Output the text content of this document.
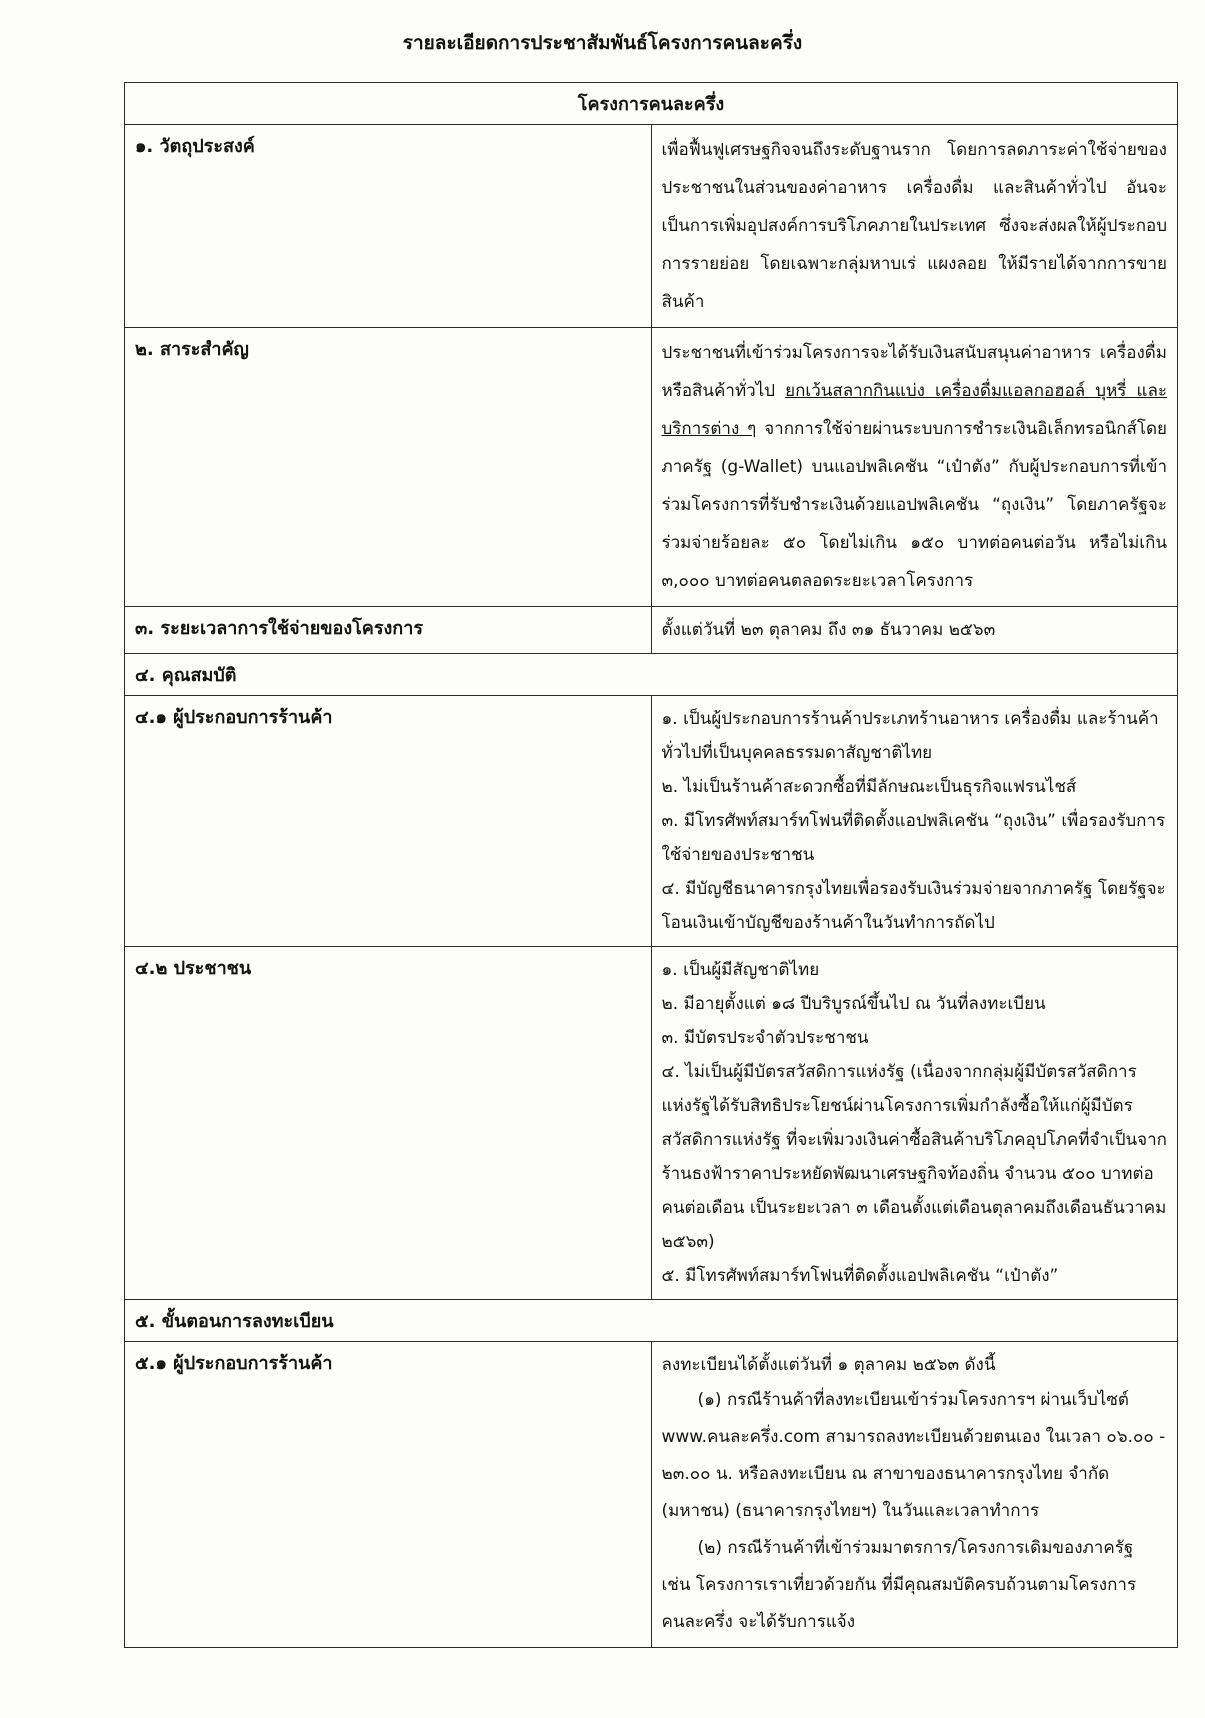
รายละเอียดการประชาสัมพันธ์โครงการคนละครึ่ง
โครงการคนละครึ่ง	
๑. วัตถุประสงค์	เพื่อฟื้นฟูเศรษฐกิจจนถึงระดับฐานราก โดยการลดภาระค่าใช้จ่ายของประชาชนในส่วนของค่าอาหาร เครื่องดื่ม และสินค้าทั่วไป อันจะเป็นการเพิ่มอุปสงค์การบริโภคภายในประเทศ ซึ่งจะส่งผลให้ผู้ประกอบการรายย่อย โดยเฉพาะกลุ่มหาบเร่ แผงลอย ให้มีรายได้จากการขายสินค้า

๒. สาระสำคัญ	ประชาชนที่เข้าร่วมโครงการจะได้รับเงินสนับสนุนค่าอาหาร เครื่องดื่ม หรือสินค้าทั่วไป ยกเว้นสลากกินแบ่ง เครื่องดื่มแอลกอฮอล์ บุหรี่ และบริการต่าง ๆ จากการใช้จ่ายผ่านระบบการชำระเงินอิเล็กทรอนิกส์โดยภาครัฐ (g-Wallet) บนแอปพลิเคชัน “เป๋าตัง” กับผู้ประกอบการที่เข้าร่วมโครงการที่รับชำระเงินด้วยแอปพลิเคชัน “ถุงเงิน” โดยภาครัฐจะร่วมจ่ายร้อยละ ๕๐ โดยไม่เกิน ๑๕๐ บาทต่อคนต่อวัน หรือไม่เกิน ๓,๐๐๐ บาทต่อคนตลอดระยะเวลาโครงการ

๓. ระยะเวลาการใช้จ่ายของโครงการ	ตั้งแต่วันที่ ๒๓ ตุลาคม ถึง ๓๑ ธันวาคม ๒๕๖๓

๔. คุณสมบัติ	
๔.๑ ผู้ประกอบการร้านค้า	๑. เป็นผู้ประกอบการร้านค้าประเภทร้านอาหาร เครื่องดื่ม และร้านค้าทั่วไปที่เป็นบุคคลธรรมดาสัญชาติไทย
๒. ไม่เป็นร้านค้าสะดวกซื้อที่มีลักษณะเป็นธุรกิจแฟรนไชส์
๓. มีโทรศัพท์สมาร์ทโฟนที่ติดตั้งแอปพลิเคชัน “ถุงเงิน” เพื่อรองรับการใช้จ่ายของประชาชน
๔. มีบัญชีธนาคารกรุงไทยเพื่อรองรับเงินร่วมจ่ายจากภาครัฐ โดยรัฐจะโอนเงินเข้าบัญชีของร้านค้าในวันทำการถัดไป

๔.๒ ประชาชน	๑. เป็นผู้มีสัญชาติไทย
๒. มีอายุตั้งแต่ ๑๘ ปีบริบูรณ์ขึ้นไป ณ วันที่ลงทะเบียน
๓. มีบัตรประจำตัวประชาชน
๔. ไม่เป็นผู้มีบัตรสวัสดิการแห่งรัฐ (เนื่องจากกลุ่มผู้มีบัตรสวัสดิการแห่งรัฐได้รับสิทธิประโยชน์ผ่านโครงการเพิ่มกำลังซื้อให้แก่ผู้มีบัตรสวัสดิการแห่งรัฐ ที่จะเพิ่มวงเงินค่าซื้อสินค้าบริโภคอุปโภคที่จำเป็นจากร้านธงฟ้าราคาประหยัดพัฒนาเศรษฐกิจท้องถิ่น จำนวน ๕๐๐ บาทต่อคนต่อเดือน เป็นระยะเวลา ๓ เดือนตั้งแต่เดือนตุลาคมถึงเดือนธันวาคม ๒๕๖๓)
๕. มีโทรศัพท์สมาร์ทโฟนที่ติดตั้งแอปพลิเคชัน “เป๋าตัง”

๕. ขั้นตอนการลงทะเบียน	
๕.๑ ผู้ประกอบการร้านค้า	ลงทะเบียนได้ตั้งแต่วันที่ ๑ ตุลาคม ๒๕๖๓ ดังนี้
(๑) กรณีร้านค้าที่ลงทะเบียนเข้าร่วมโครงการฯ ผ่านเว็บไซต์ www.คนละครึ่ง.com สามารถลงทะเบียนด้วยตนเอง ในเวลา ๐๖.๐๐ - ๒๓.๐๐ น. หรือลงทะเบียน ณ สาขาของธนาคารกรุงไทย จำกัด (มหาชน) (ธนาคารกรุงไทยฯ) ในวันและเวลาทำการ
(๒) กรณีร้านค้าที่เข้าร่วมมาตรการ/โครงการเดิมของภาครัฐ เช่น โครงการเราเที่ยวด้วยกัน ที่มีคุณสมบัติครบถ้วนตามโครงการคนละครึ่ง จะได้รับการแจ้ง
